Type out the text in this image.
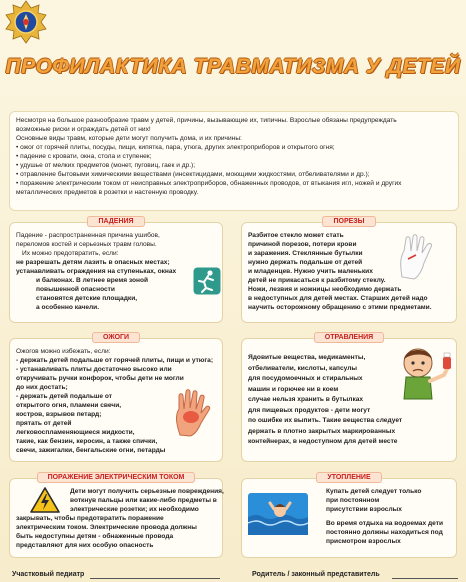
ПРОФИЛАКТИКА ТРАВМАТИЗМА У ДЕТЕЙ

Несмотря на большое разнообразие травм у детей, причины, вызывающие их, типичны. Взрослые обязаны предупреждать

возможные риски и ограждать детей от них!

Основные виды травм, которые дети могут получить дома, и их причины:

• ожог от горячей плиты, посуды, пищи, кипятка, пара, утюга, других электроприборов и открытого огня;

• падение с кровати, окна, стола и ступенек;

• удушье от мелких предметов (монет, пуговиц, гаек и др.);

• отравление бытовыми химическими веществами (инсектицидами, моющими жидкостями, отбеливателями и др.);

• поражение электрическим током от неисправных электроприборов, обнаженных проводов, от втыкания игл, ножей и других

металлических предметов в розетки и настенную проводку.

ПАДЕНИЯ
Падение - распространенная причина ушибов,
переломов костей и серьезных травм головы.
Их можно предотвратить, если:
не разрешать детям лазить в опасных местах;
устанавливать ограждения на ступеньках, окнах
и балконах. В летнее время зоной
повышенной опасности
становятся детские площадки,
а особенно качели.
ПОРЕЗЫ
Разбитое стекло может стать
причиной порезов, потери крови
и заражения. Стеклянные бутылки
нужно держать подальше от детей
и младенцев. Нужно учить маленьких
детей не прикасаться к разбитому стеклу.
Ножи, лезвия и ножницы необходимо держать
в недоступных для детей местах. Старших детей надо
научить осторожному обращению с этими предметами.
ОЖОГИ
Ожогов можно избежать, если:
- держать детей подальше от горячей плиты, пищи и утюга;
- устанавливать плиты достаточно высоко или
откручивать ручки конфорок, чтобы дети не могли
до них достать;
- держать детей подальше от
открытого огня, пламени свечи,
костров, взрывов петард;
прятать от детей
легковоспламеняющиеся жидкости,
такие, как бензин, керосин, а также спички,
свечи, зажигалки, бенгальские огни, петарды
ОТРАВЛЕНИЯ
Ядовитые вещества, медикаменты,
отбеливатели, кислоты, капсулы
для посудомоечных и стиральных
машин и горючее ни в коем
случае нельзя хранить в бутылках
для пищевых продуктов - дети могут
по ошибке их выпить. Такие вещества следует
держать в плотно закрытых маркированных
контейнерах, в недоступном для детей месте
ПОРАЖЕНИЕ ЭЛЕКТРИЧЕСКИМ ТОКОМ
Дети могут получить серьезные повреждения,
воткнув пальцы или какие-либо предметы в
электрические розетки; их необходимо
закрывать, чтобы предотвратить поражение
электрическим током. Электрические провода должны
быть недоступны детям - обнаженные провода
представляют для них особую опасность
УТОПЛЕНИЕ
Купать детей следует только
при постоянном
присутствии взрослых
Во время отдыха на водоемах дети
постоянно должны находиться под
присмотром взрослых
Участковый педиатр	Родитель / законный представитель
